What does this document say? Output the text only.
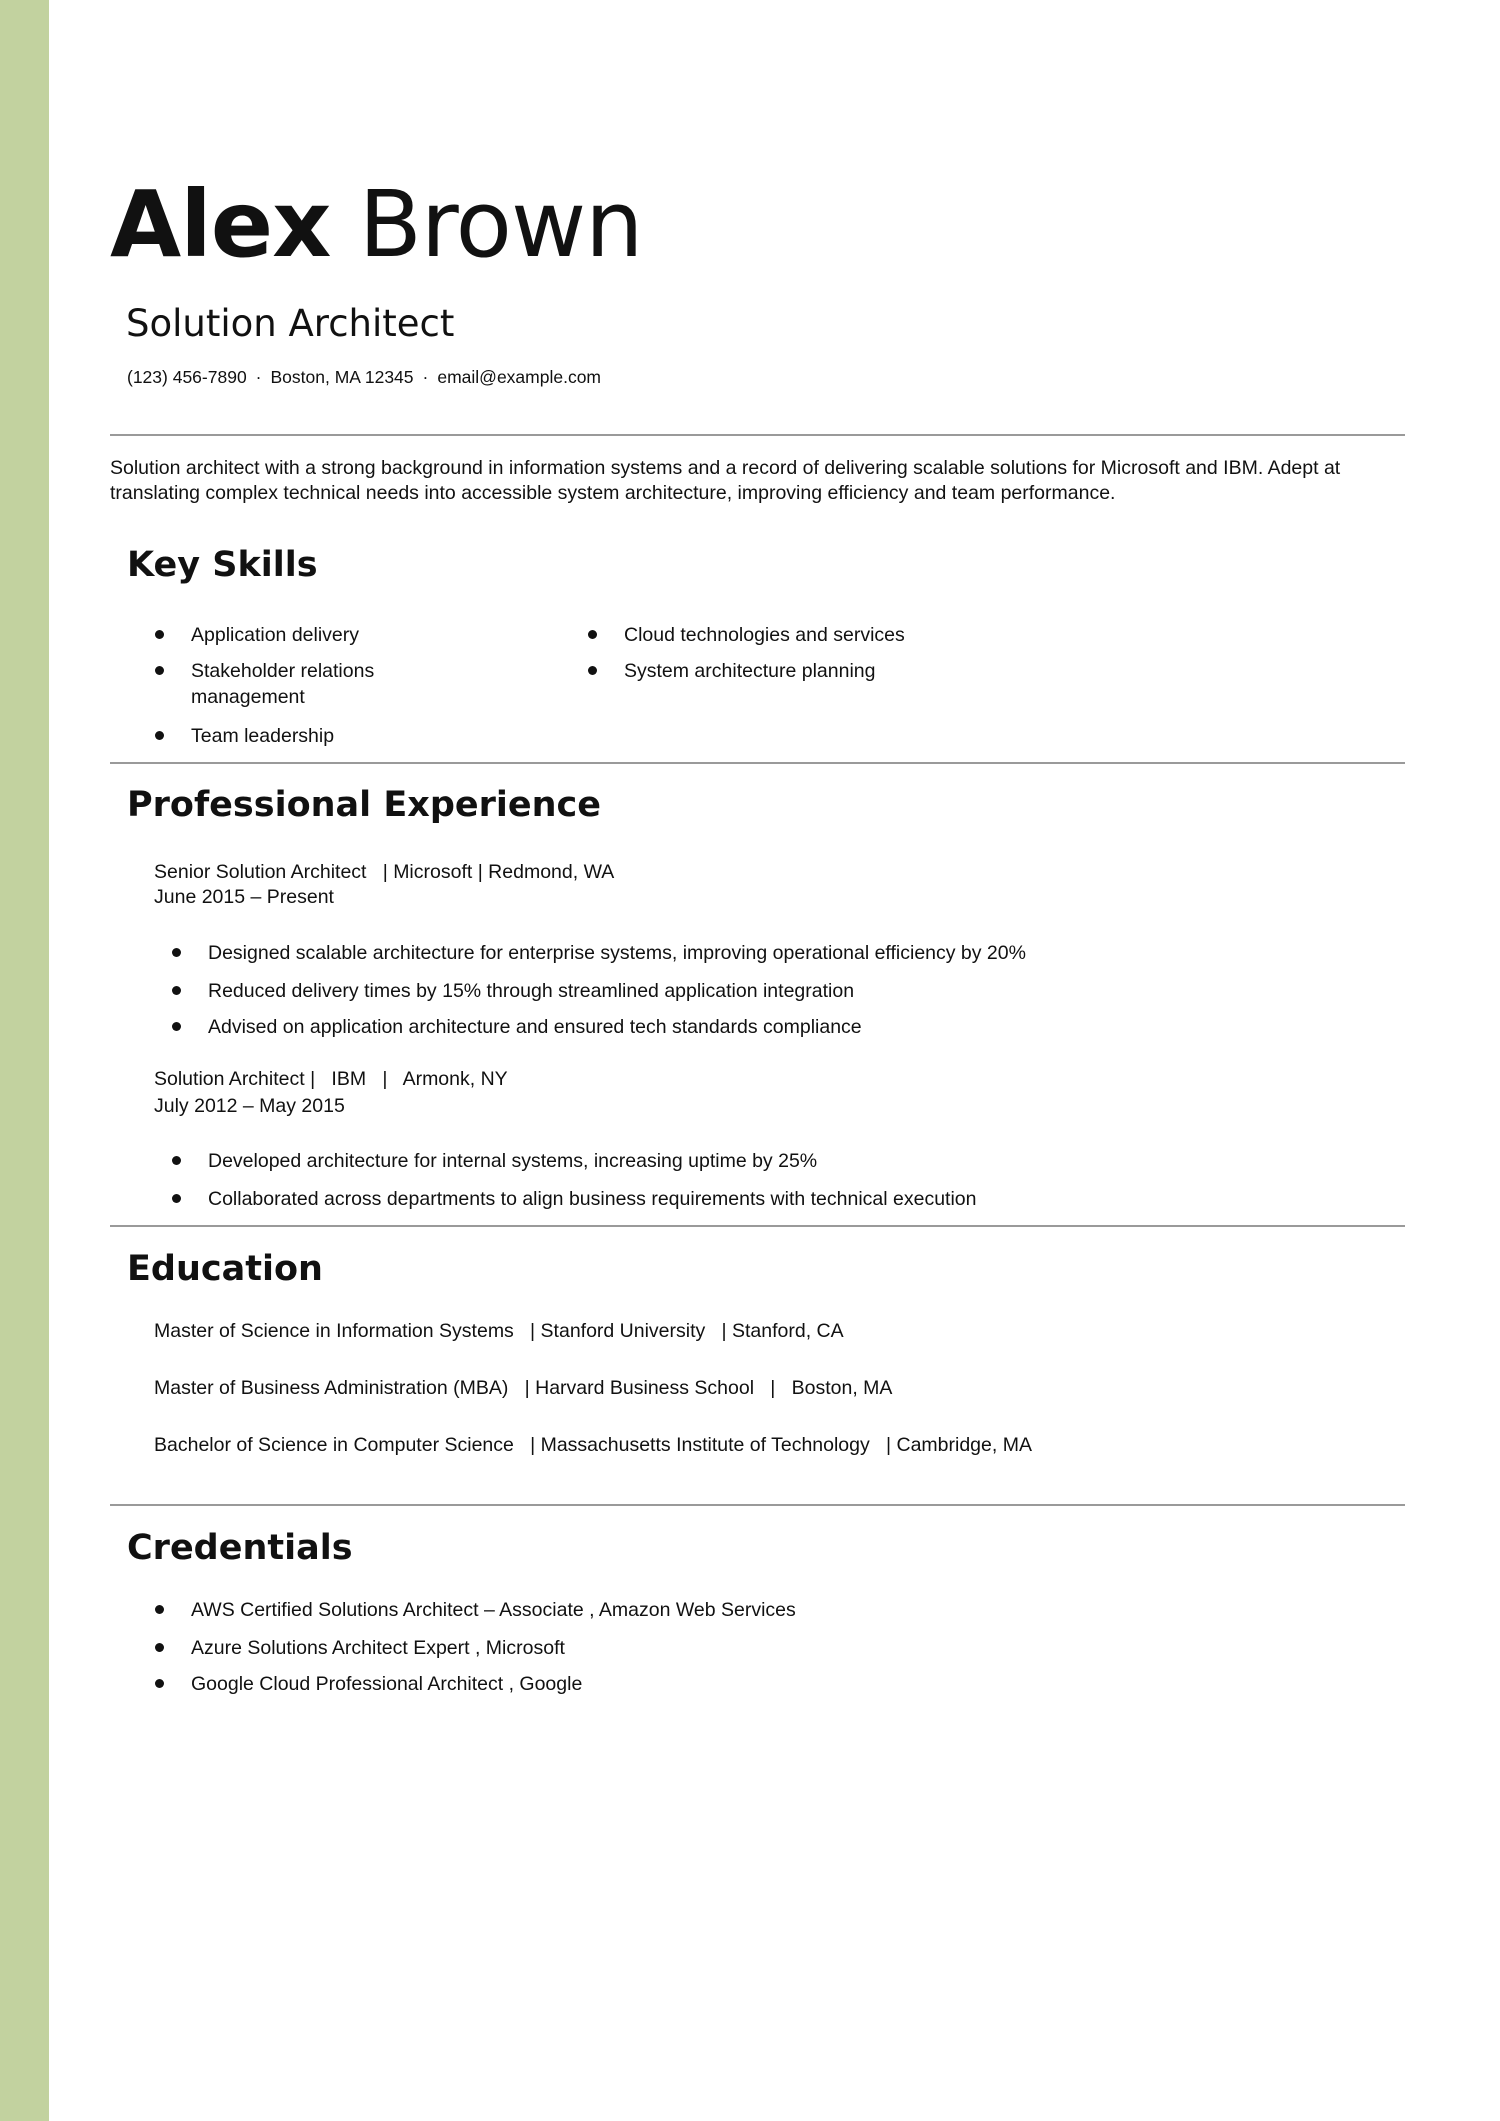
Alex Brown
Solution Architect
(123) 456-7890 · Boston, MA 12345 · email@example.com
Solution architect with a strong background in information systems and a record of delivering scalable solutions for Microsoft and IBM. Adept at translating complex technical needs into accessible system architecture, improving efficiency and team performance.
Key Skills
Application delivery
Stakeholder relations management
Team leadership
Cloud technologies and services
System architecture planning
Professional Experience
Senior Solution Architect   | Microsoft | Redmond, WA
June 2015 – Present
Designed scalable architecture for enterprise systems, improving operational efficiency by 20%
Reduced delivery times by 15% through streamlined application integration
Advised on application architecture and ensured tech standards compliance
Solution Architect |   IBM   |   Armonk, NY
July 2012 – May 2015
Developed architecture for internal systems, increasing uptime by 25%
Collaborated across departments to align business requirements with technical execution
Education
Master of Science in Information Systems   | Stanford University   | Stanford, CA
Master of Business Administration (MBA)   | Harvard Business School   |   Boston, MA
Bachelor of Science in Computer Science   | Massachusetts Institute of Technology   | Cambridge, MA
Credentials
AWS Certified Solutions Architect – Associate , Amazon Web Services
Azure Solutions Architect Expert , Microsoft
Google Cloud Professional Architect , Google
